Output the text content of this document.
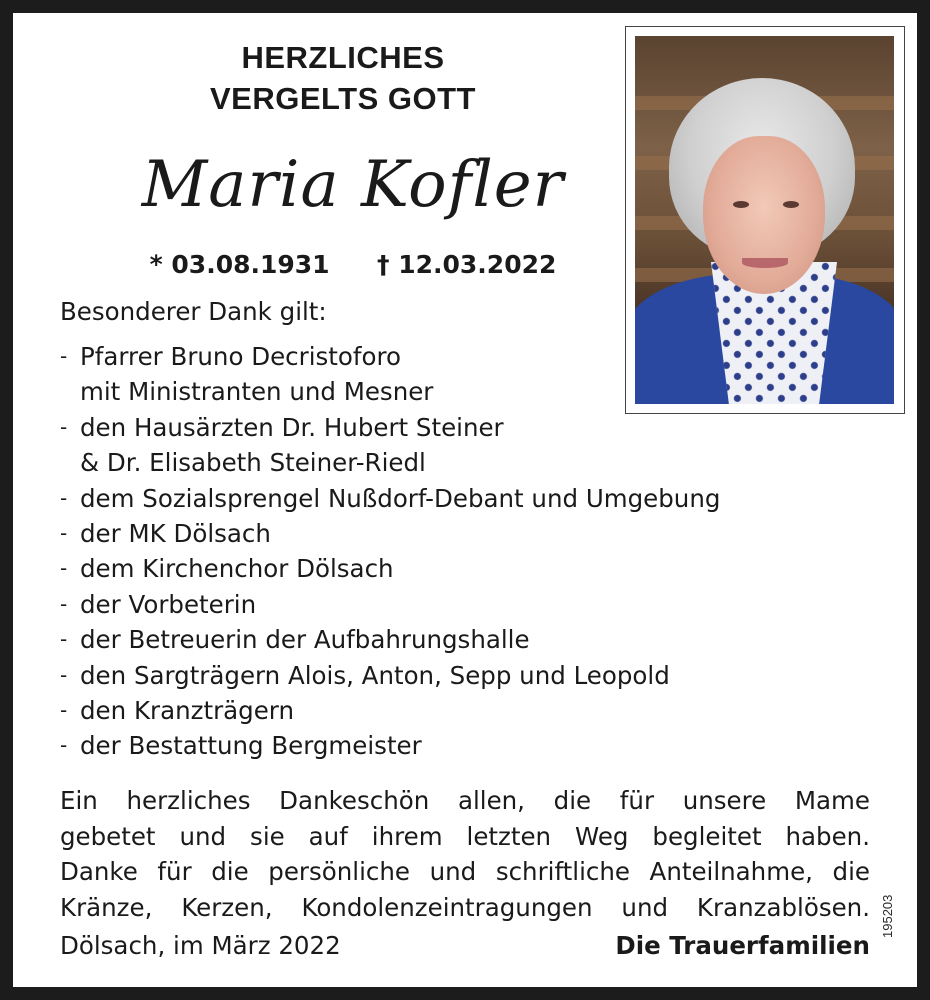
HERZLICHES
VERGELTS GOTT
Maria Kofler
* 03.08.1931 † 12.03.2022
Besonderer Dank gilt:
- Pfarrer Bruno Decristoforo
mit Ministranten und Mesner
- den Hausärzten Dr. Hubert Steiner
& Dr. Elisabeth Steiner-Riedl
- dem Sozialsprengel Nußdorf-Debant und Umgebung
- der MK Dölsach
- dem Kirchenchor Dölsach
- der Vorbeterin
- der Betreuerin der Aufbahrungshalle
- den Sargträgern Alois, Anton, Sepp und Leopold
- den Kranzträgern
- der Bestattung Bergmeister
Ein herzliches Dankeschön allen, die für unsere Mame
gebetet und sie auf ihrem letzten Weg begleitet haben.
Danke für die persönliche und schriftliche Anteilnahme, die
Kränze, Kerzen, Kondolenzeintragungen und Kranzablösen.
Dölsach, im März 2022	Die Trauerfamilien
195203
